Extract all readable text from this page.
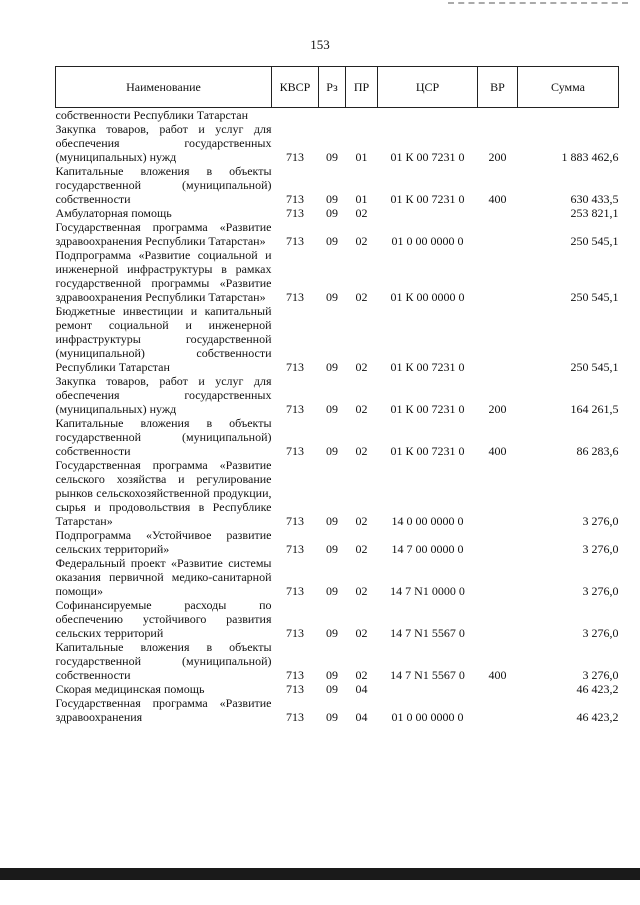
153
Наименование	КВСР	Рз	ПР	ЦСР	ВР	Сумма
собственности Республики Татарстан						
Закупка товаров, работ и услуг для обеспечения государственных (муниципальных) нужд	713	09	01	01 К 00 7231 0	200	1 883 462,6
Капитальные вложения в объекты государственной (муниципальной) собственности	713	09	01	01 К 00 7231 0	400	630 433,5
Амбулаторная помощь	713	09	02			253 821,1
Государственная программа «Развитие здравоохранения Республики Татарстан»	713	09	02	01 0 00 0000 0		250 545,1
Подпрограмма «Развитие социальной и инженерной инфраструктуры в рамках государственной программы «Развитие здравоохранения Республики Татарстан»	713	09	02	01 К 00 0000 0		250 545,1
Бюджетные инвестиции и капитальный ремонт социальной и инженерной инфраструктуры государственной (муниципальной) собственности Республики Татарстан	713	09	02	01 К 00 7231 0		250 545,1
Закупка товаров, работ и услуг для обеспечения государственных (муниципальных) нужд	713	09	02	01 К 00 7231 0	200	164 261,5
Капитальные вложения в объекты государственной (муниципальной) собственности	713	09	02	01 К 00 7231 0	400	86 283,6
Государственная программа «Развитие сельского хозяйства и регулирование рынков сельскохозяйственной продукции, сырья и продовольствия в Республике Татарстан»	713	09	02	14 0 00 0000 0		3 276,0
Подпрограмма «Устойчивое развитие сельских территорий»	713	09	02	14 7 00 0000 0		3 276,0
Федеральный проект «Развитие системы оказания первичной медико-санитарной помощи»	713	09	02	14 7 N1 0000 0		3 276,0
Софинансируемые расходы по обеспечению устойчивого развития сельских территорий	713	09	02	14 7 N1 5567 0		3 276,0
Капитальные вложения в объекты государственной (муниципальной) собственности	713	09	02	14 7 N1 5567 0	400	3 276,0
Скорая медицинская помощь	713	09	04			46 423,2
Государственная программа «Развитие здравоохранения	713	09	04	01 0 00 0000 0		46 423,2
